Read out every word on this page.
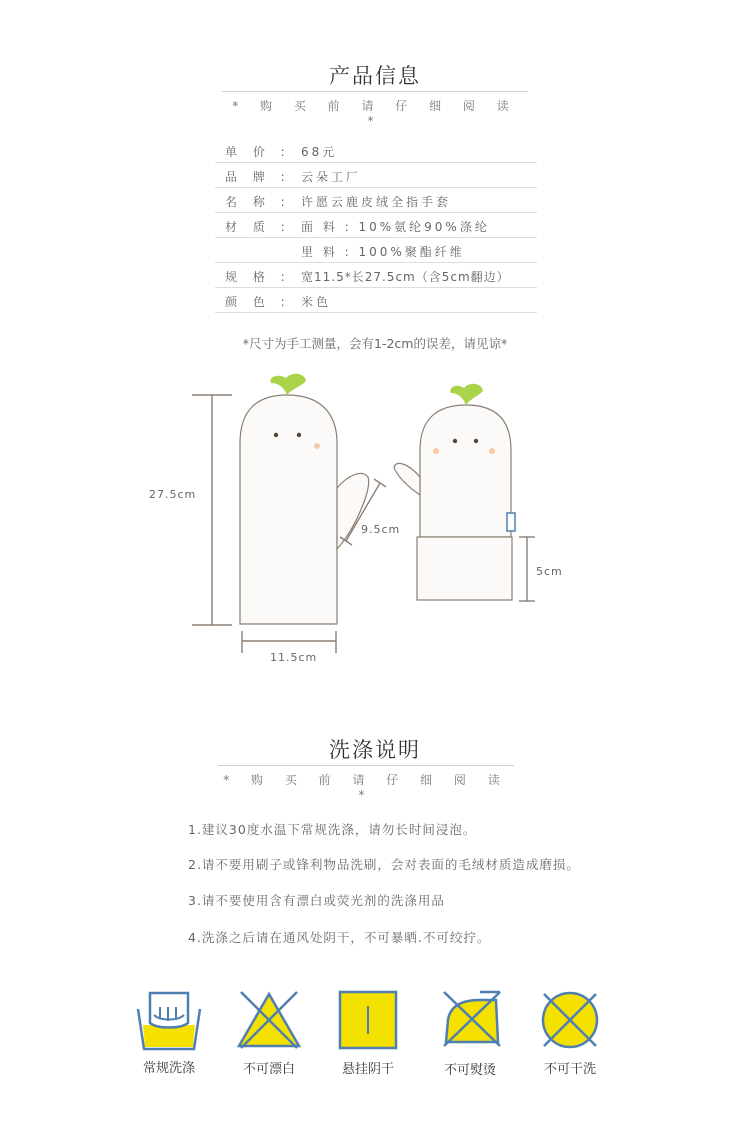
产品信息
* 购 买 前 请 仔 细 阅 读 *
单 价 : 68元
品 牌 : 云朵工厂
名 称 : 许愿云鹿皮绒全指手套
材 质 : 面 料 : 10%氨纶90%涤纶
里 料 : 100%聚酯纤维
规 格 : 宽11.5*长27.5cm（含5cm翻边）
颜 色 : 米色
*尺寸为手工测量，会有1-2cm的误差，请见谅*
27.5cm
9.5cm
11.5cm
5cm
洗涤说明
* 购 买 前 请 仔 细 阅 读 *
1.建议30度水温下常规洗涤，请勿长时间浸泡。
2.请不要用刷子或锋利物品洗刷，会对表面的毛绒材质造成磨损。
3.请不要使用含有漂白或荧光剂的洗涤用品
4.洗涤之后请在通风处阴干，不可暴晒.不可绞拧。
常规洗涤	不可漂白	悬挂阴干	不可熨烫	不可干洗
